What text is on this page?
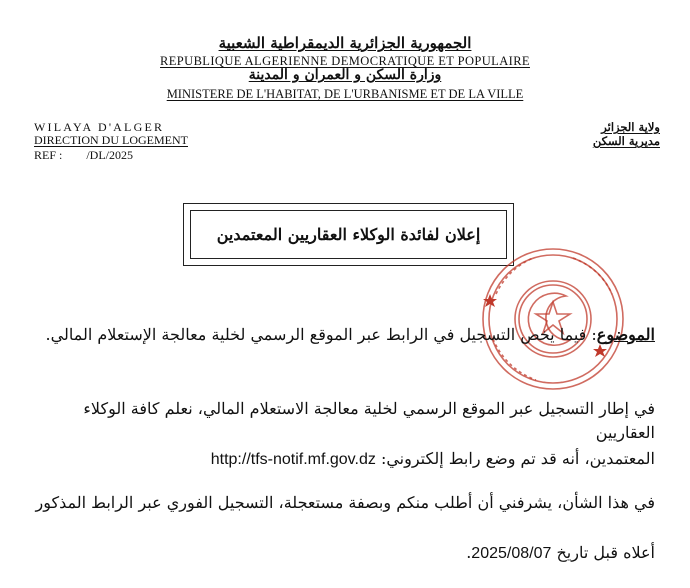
الجمهورية الجزائرية الديمقراطية الشعبية
REPUBLIQUE ALGERIENNE DEMOCRATIQUE ET POPULAIRE
وزارة السكن و العمران و المدينة
MINISTERE DE L'HABITAT, DE L'URBANISME ET DE LA VILLE
WILAYA D'ALGER
DIRECTION DU LOGEMENT
REF : /DL/2025
ولاية الجزائر
مديرية السكن
إعلان لفائدة الوكلاء العقاريين المعتمدين
الموضوع: فيما يخص التسجيل في الرابط عبر الموقع الرسمي لخلية معالجة الإستعلام المالي.
في إطار التسجيل عبر الموقع الرسمي لخلية معالجة الاستعلام المالي، نعلم كافة الوكلاء العقاريين
المعتمدين، أنه قد تم وضع رابط إلكتروني: http://tfs-notif.mf.gov.dz
في هذا الشأن، يشرفني أن أطلب منكم وبصفة مستعجلة، التسجيل الفوري عبر الرابط المذكور
أعلاه قبل تاريخ 2025/08/07.
